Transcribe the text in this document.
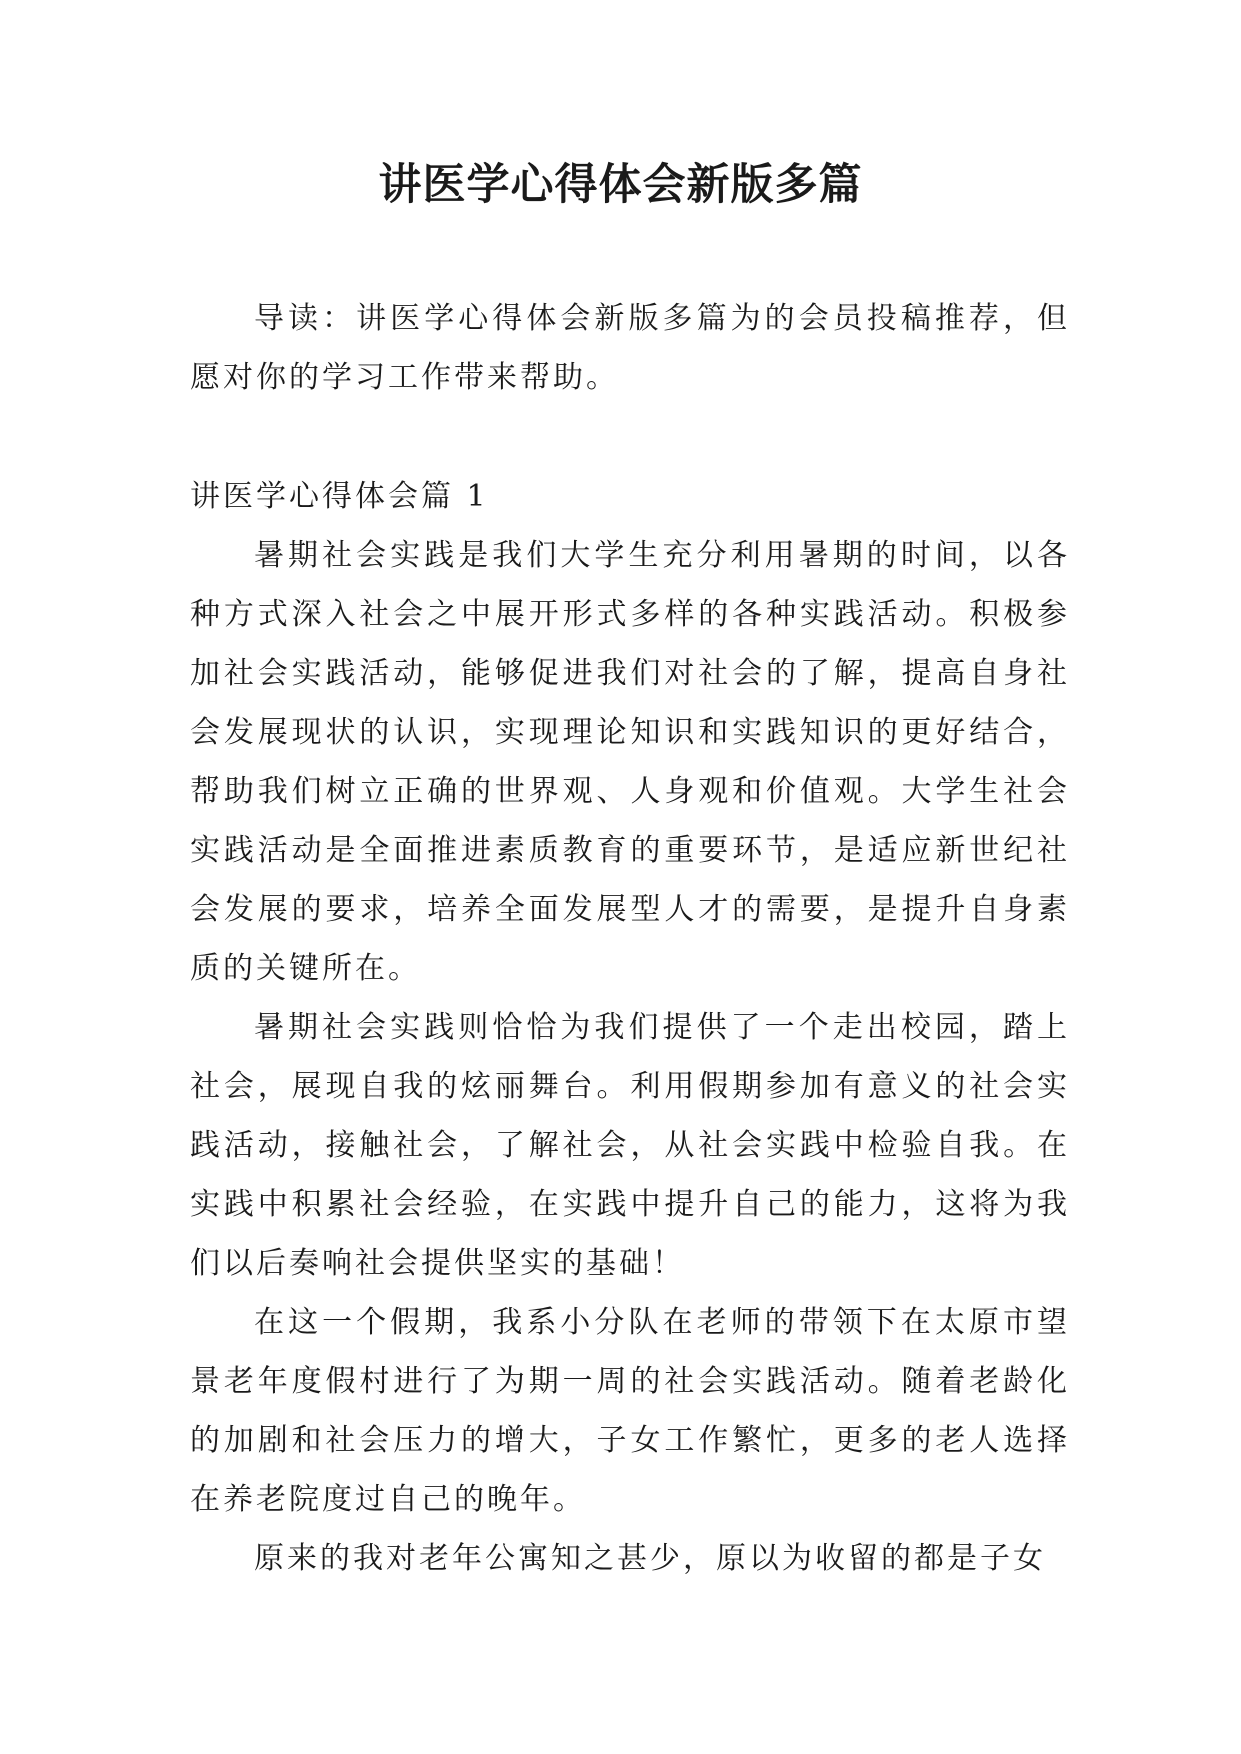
讲医学心得体会新版多篇

导读：讲医学心得体会新版多篇为的会员投稿推荐，但愿对你的学习工作带来帮助。

讲医学心得体会篇 1

暑期社会实践是我们大学生充分利用暑期的时间，以各种方式深入社会之中展开形式多样的各种实践活动。积极参加社会实践活动，能够促进我们对社会的了解，提高自身社会发展现状的认识，实现理论知识和实践知识的更好结合，帮助我们树立正确的世界观、人身观和价值观。大学生社会实践活动是全面推进素质教育的重要环节，是适应新世纪社会发展的要求，培养全面发展型人才的需要，是提升自身素质的关键所在。

暑期社会实践则恰恰为我们提供了一个走出校园，踏上社会，展现自我的炫丽舞台。利用假期参加有意义的社会实践活动，接触社会，了解社会，从社会实践中检验自我。在实践中积累社会经验，在实践中提升自己的能力，这将为我们以后奏响社会提供坚实的基础！

在这一个假期，我系小分队在老师的带领下在太原市望景老年度假村进行了为期一周的社会实践活动。随着老龄化的加剧和社会压力的增大，子女工作繁忙，更多的老人选择在养老院度过自己的晚年。

原来的我对老年公寓知之甚少，原以为收留的都是子女
